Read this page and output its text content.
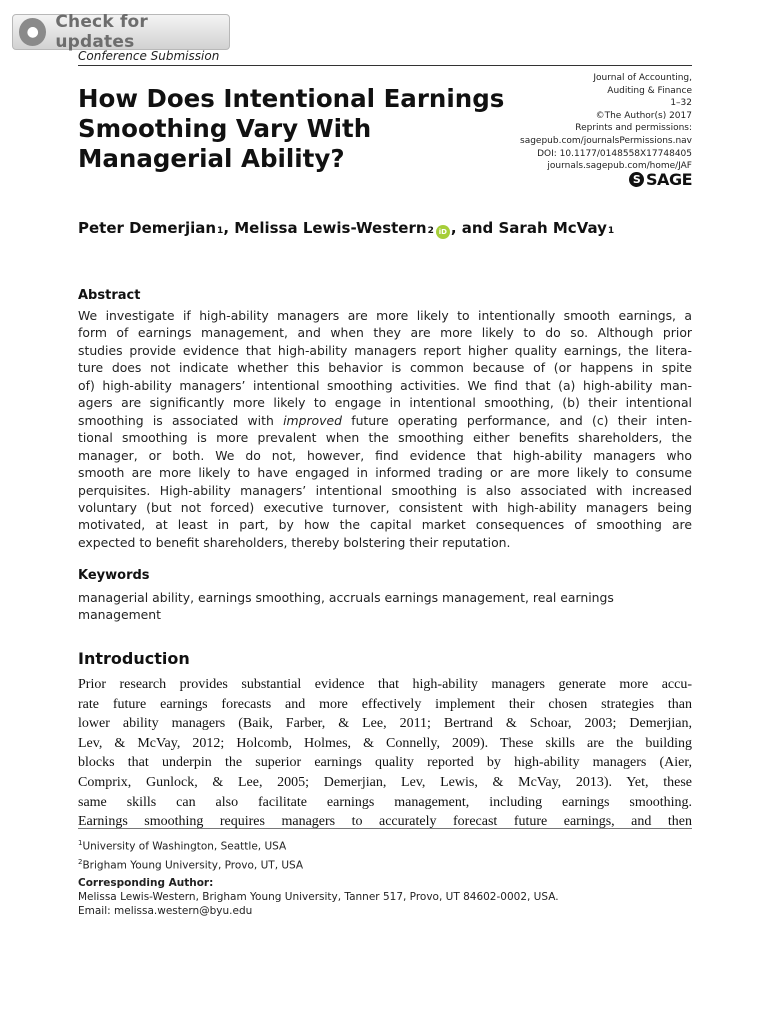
● Check for updates
Conference Submission
How Does Intentional Earnings
Smoothing Vary With
Managerial Ability?
Journal of Accounting,
Auditing & Finance
1–32
©The Author(s) 2017
Reprints and permissions:
sagepub.com/journalsPermissions.nav
DOI: 10.1177/0148558X17748405
journals.sagepub.com/home/JAF
S SAGE
Peter Demerjian$_1$ , Melissa Lewis-Western$_2$ iD , and Sarah McVay$_1$
Abstract
We investigate if high-ability managers are more likely to intentionally smooth earnings, a
form of earnings management, and when they are more likely to do so. Although prior
studies provide evidence that high-ability managers report higher quality earnings, the litera-
ture does not indicate whether this behavior is common because of (or happens in spite
of) high-ability managers’ intentional smoothing activities. We find that (a) high-ability man-
agers are significantly more likely to engage in intentional smoothing, (b) their intentional
smoothing is associated with improved future operating performance, and (c) their inten-
tional smoothing is more prevalent when the smoothing either benefits shareholders, the
manager, or both. We do not, however, find evidence that high-ability managers who
smooth are more likely to have engaged in informed trading or are more likely to consume
perquisites. High-ability managers’ intentional smoothing is also associated with increased
voluntary (but not forced) executive turnover, consistent with high-ability managers being
motivated, at least in part, by how the capital market consequences of smoothing are
expected to benefit shareholders, thereby bolstering their reputation.
Keywords
managerial ability, earnings smoothing, accruals earnings management, real earnings
management
Introduction
Prior research provides substantial evidence that high-ability managers generate more accu-
rate future earnings forecasts and more effectively implement their chosen strategies than
lower ability managers (Baik, Farber, & Lee, 2011; Bertrand & Schoar, 2003; Demerjian,
Lev, & McVay, 2012; Holcomb, Holmes, & Connelly, 2009). These skills are the building
blocks that underpin the superior earnings quality reported by high-ability managers (Aier,
Comprix, Gunlock, & Lee, 2005; Demerjian, Lev, Lewis, & McVay, 2013). Yet, these
same skills can also facilitate earnings management, including earnings smoothing.
Earnings smoothing requires managers to accurately forecast future earnings, and then
$^1$University of Washington, Seattle, USA
$^2$Brigham Young University, Provo, UT, USA
Corresponding Author:
Melissa Lewis-Western, Brigham Young University, Tanner 517, Provo, UT 84602-0002, USA.
Email: melissa.western@byu.edu
